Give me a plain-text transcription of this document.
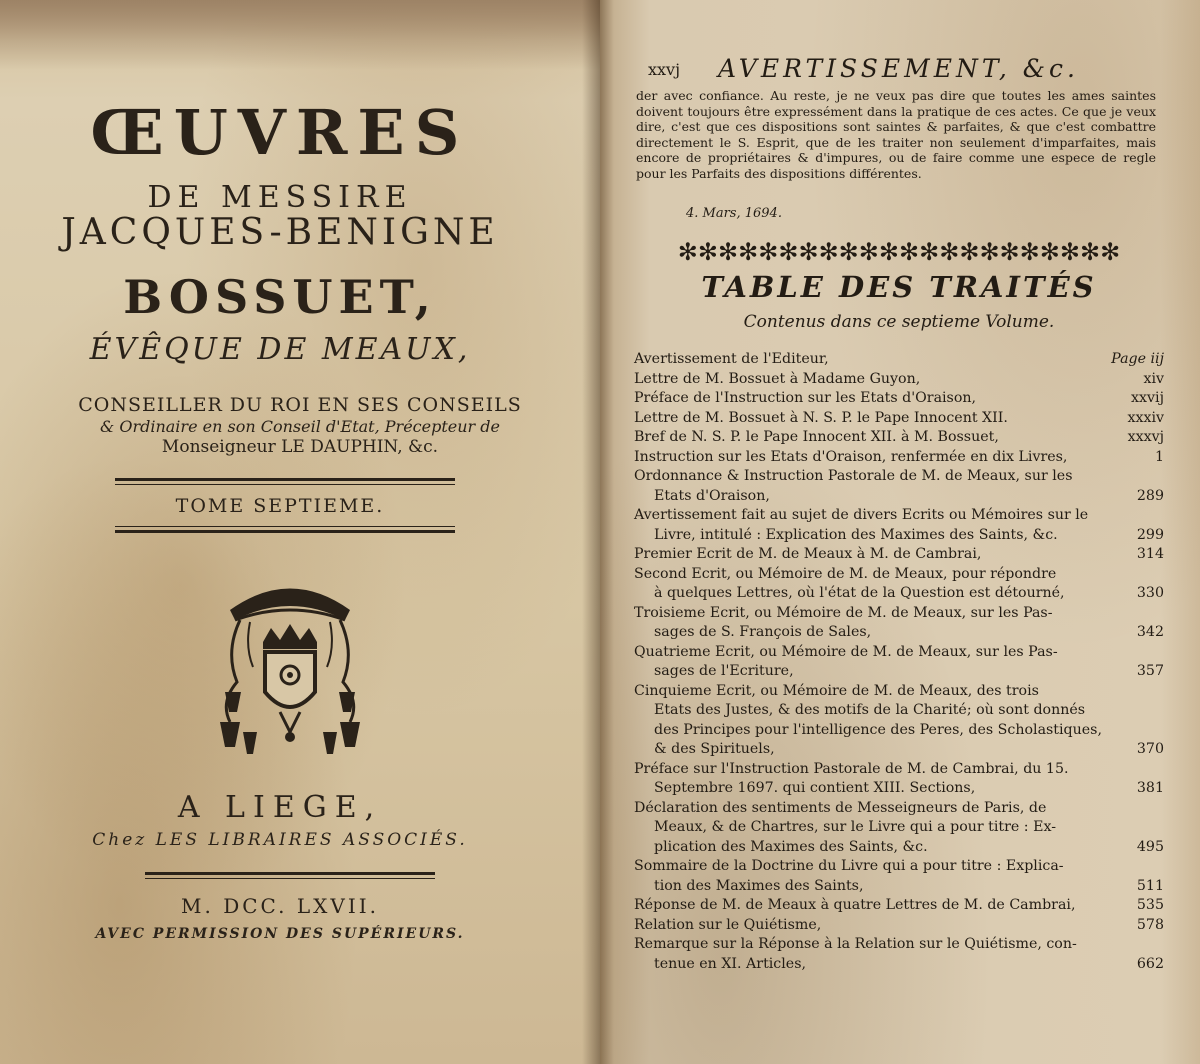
ŒUVRES
DE MESSIRE
JACQUES-BENIGNE
BOSSUET,
ÉVÊQUE DE MEAUX,
CONSEILLER DU ROI EN SES CONSEILS
& Ordinaire en son Conseil d'Etat, Précepteur de
Monseigneur LE DAUPHIN, &c.
TOME SEPTIEME.
A LIEGE,
Chez LES LIBRAIRES ASSOCIÉS.
M. DCC. LXVII.
AVEC PERMISSION DES SUPÉRIEURS.
xxvj AVERTISSEMENT, &c.

der avec confiance. Au reste, je ne veux pas dire que toutes les ames saintes doivent toujours être expressément dans la pratique de ces actes. Ce que je veux dire, c'est que ces dispositions sont saintes & parfaites, & que c'est combattre directement le S. Esprit, que de les traiter non seulement d'imparfaites, mais encore de propriétaires & d'impures, ou de faire comme une espece de regle pour les Parfaits des dispositions différentes.

4. Mars, 1694.
✻✻✻✻✻✻✻✻✻✻✻✻✻✻✻✻✻✻✻✻✻✻
TABLE DES TRAITÉS
Contenus dans ce septieme Volume.
Avertissement de l'Editeur,	Page iij
Lettre de M. Bossuet à Madame Guyon,	xiv
Préface de l'Instruction sur les Etats d'Oraison,	xxvij
Lettre de M. Bossuet à N. S. P. le Pape Innocent XII.	xxxiv
Bref de N. S. P. le Pape Innocent XII. à M. Bossuet,	xxxvj
Instruction sur les Etats d'Oraison, renfermée en dix Livres,	1
Ordonnance & Instruction Pastorale de M. de Meaux, sur les
Etats d'Oraison,	289
Avertissement fait au sujet de divers Ecrits ou Mémoires sur le
Livre, intitulé : Explication des Maximes des Saints, &c.	299
Premier Ecrit de M. de Meaux à M. de Cambrai,	314
Second Ecrit, ou Mémoire de M. de Meaux, pour répondre
à quelques Lettres, où l'état de la Question est détourné,	330
Troisieme Ecrit, ou Mémoire de M. de Meaux, sur les Pas-
sages de S. François de Sales,	342
Quatrieme Ecrit, ou Mémoire de M. de Meaux, sur les Pas-
sages de l'Ecriture,	357
Cinquieme Ecrit, ou Mémoire de M. de Meaux, des trois
Etats des Justes, & des motifs de la Charité; où sont donnés
des Principes pour l'intelligence des Peres, des Scholastiques,
& des Spirituels,	370
Préface sur l'Instruction Pastorale de M. de Cambrai, du 15.
Septembre 1697. qui contient XIII. Sections,	381
Déclaration des sentiments de Messeigneurs de Paris, de
Meaux, & de Chartres, sur le Livre qui a pour titre : Ex-
plication des Maximes des Saints, &c.	495
Sommaire de la Doctrine du Livre qui a pour titre : Explica-
tion des Maximes des Saints,	511
Réponse de M. de Meaux à quatre Lettres de M. de Cambrai,	535
Relation sur le Quiétisme,	578
Remarque sur la Réponse à la Relation sur le Quiétisme, con-
tenue en XI. Articles,	662
